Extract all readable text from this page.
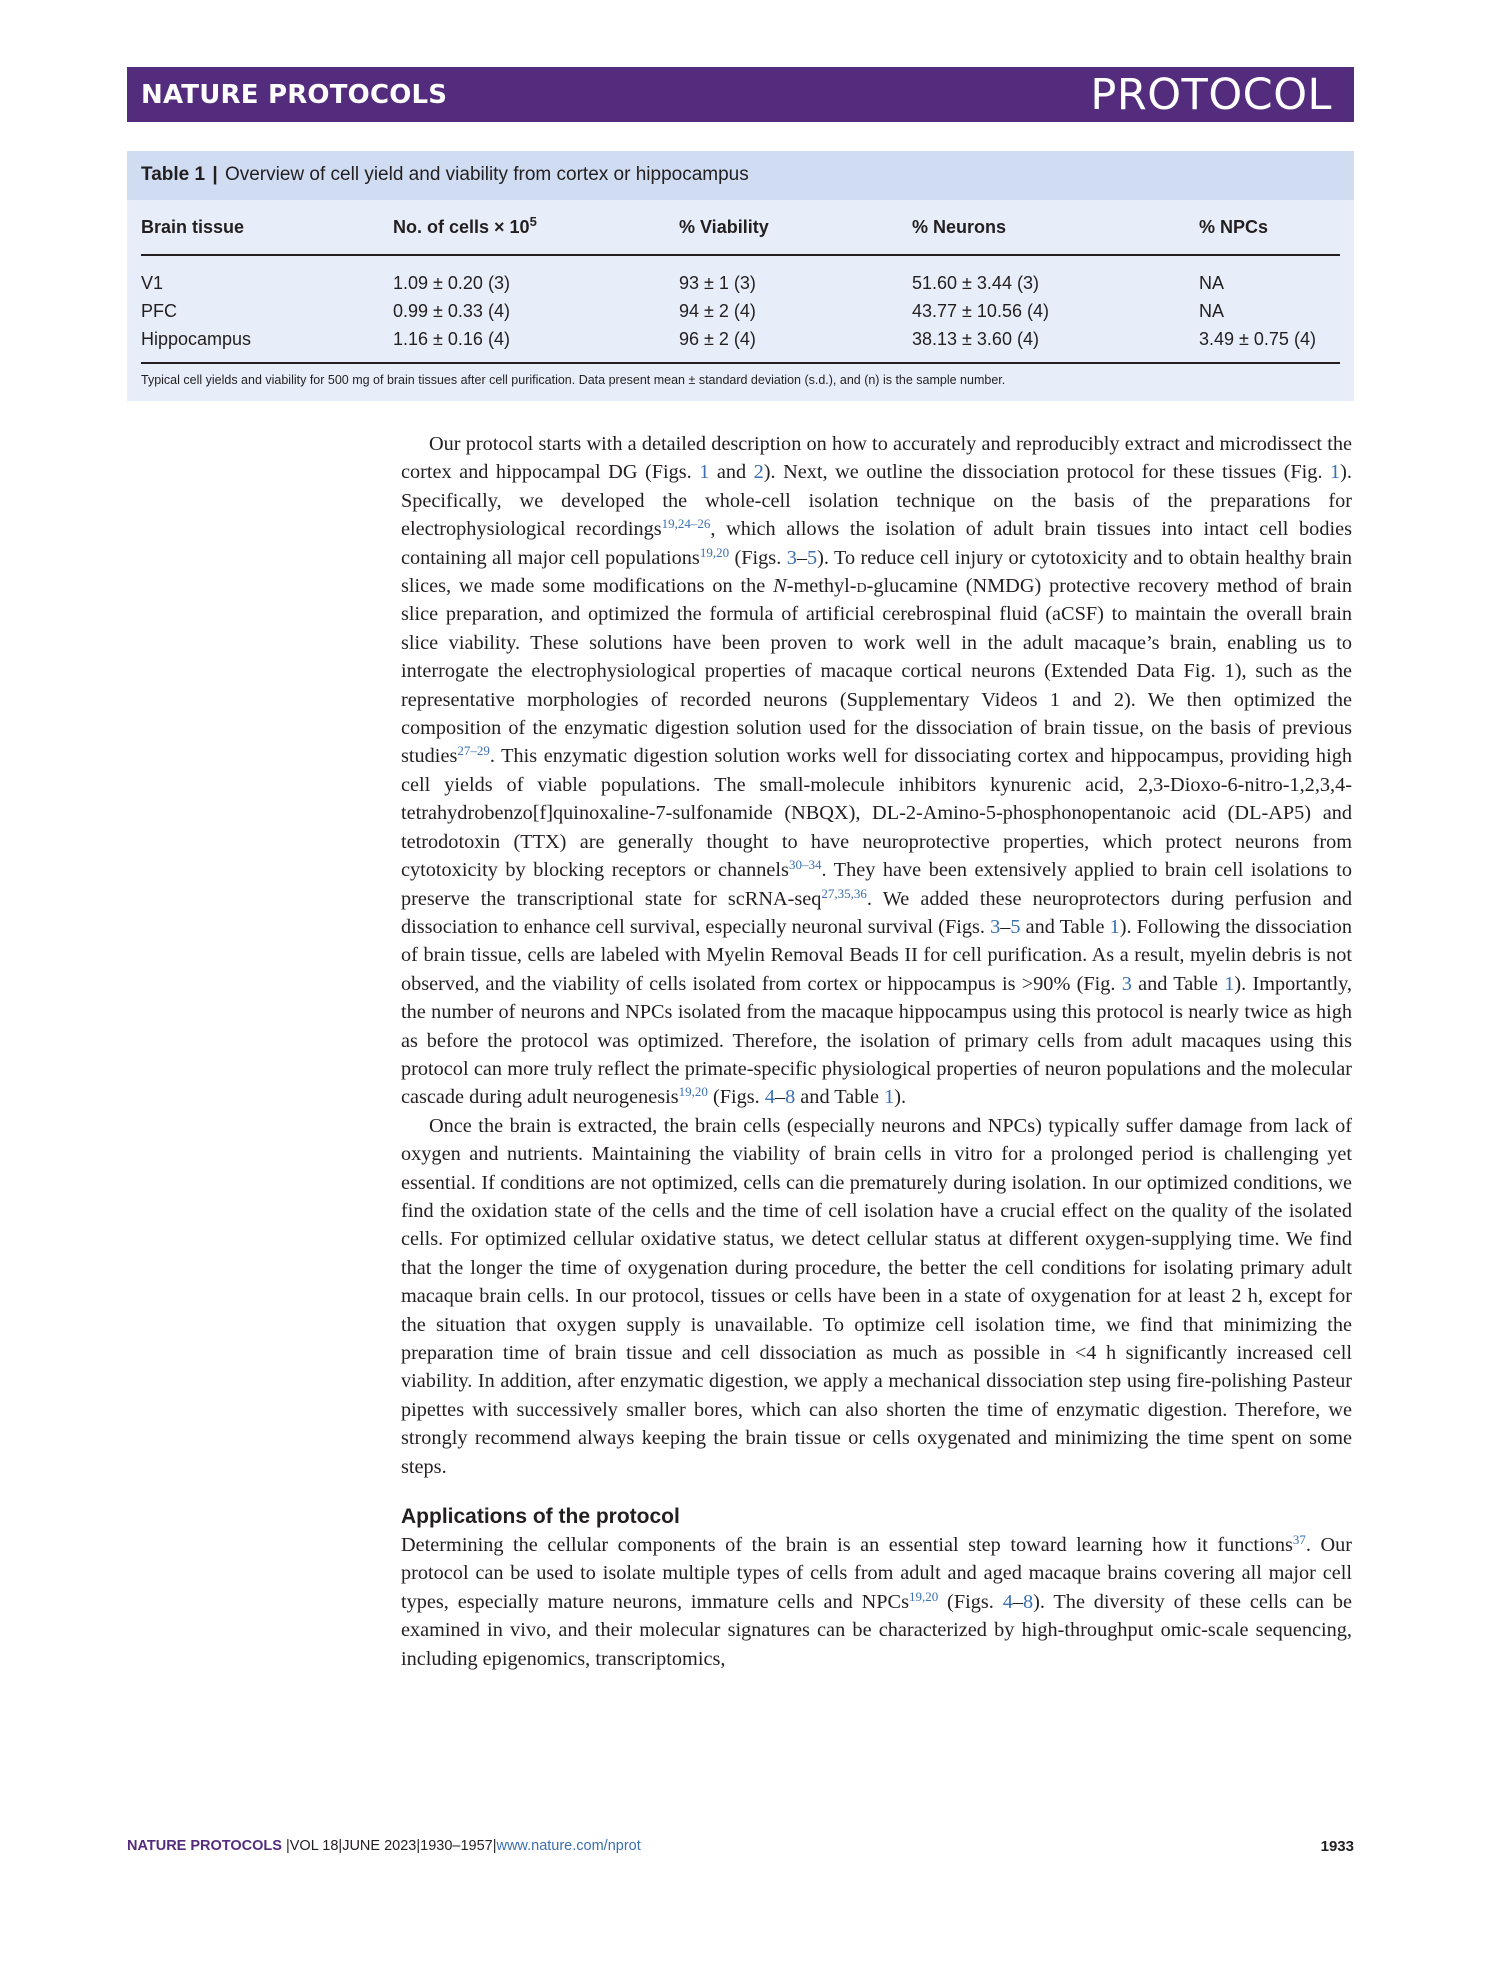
NATURE PROTOCOLS	PROTOCOL
Table 1 | Overview of cell yield and viability from cortex or hippocampus
Brain tissue	No. of cells × $10^5$	% Viability	% Neurons	% NPCs
V1	1.09 ± 0.20 (3)	93 ± 1 (3)	51.60 ± 3.44 (3)	NA
PFC	0.99 ± 0.33 (4)	94 ± 2 (4)	43.77 ± 10.56 (4)	NA
Hippocampus	1.16 ± 0.16 (4)	96 ± 2 (4)	38.13 ± 3.60 (4)	3.49 ± 0.75 (4)
Typical cell yields and viability for 500 mg of brain tissues after cell purification. Data present mean ± standard deviation (s.d.), and (n) is the sample number.

Our protocol starts with a detailed description on how to accurately and reproducibly extract and microdissect the cortex and hippocampal DG (Figs. 1 and 2). Next, we outline the dissociation protocol for these tissues (Fig. 1). Specifically, we developed the whole-cell isolation technique on the basis of the preparations for electrophysiological recordings$^{19,24-26}$, which allows the isolation of adult brain tissues into intact cell bodies containing all major cell populations$^{19,20}$ (Figs. 3–5). To reduce cell injury or cytotoxicity and to obtain healthy brain slices, we made some modifications on the N-methyl-d-glucamine (NMDG) protective recovery method of brain slice preparation, and optimized the formula of artificial cerebrospinal fluid (aCSF) to maintain the overall brain slice viability. These solutions have been proven to work well in the adult macaque’s brain, enabling us to interrogate the electrophysiological properties of macaque cortical neurons (Extended Data Fig. 1), such as the representative morphologies of recorded neurons (Supplementary Videos 1 and 2). We then optimized the composition of the enzymatic digestion solution used for the dissociation of brain tissue, on the basis of previous studies$^{27-29}$. This enzymatic digestion solution works well for dissociating cortex and hippocampus, providing high cell yields of viable populations. The small-molecule inhibitors kynurenic acid, 2,3-Dioxo-6-nitro-1,2,3,4-tetrahydrobenzo[f]quinoxaline-7-sulfonamide (NBQX), DL-2-Amino-5-phosphonopentanoic acid (DL-AP5) and tetrodotoxin (TTX) are generally thought to have neuroprotective properties, which protect neurons from cytotoxicity by blocking receptors or channels$^{30-34}$. They have been extensively applied to brain cell isolations to preserve the transcriptional state for scRNA-seq$^{27,35,36}$. We added these neuroprotectors during perfusion and dissociation to enhance cell survival, especially neuronal survival (Figs. 3–5 and Table 1). Following the dissociation of brain tissue, cells are labeled with Myelin Removal Beads II for cell purification. As a result, myelin debris is not observed, and the viability of cells isolated from cortex or hippocampus is >90% (Fig. 3 and Table 1). Importantly, the number of neurons and NPCs isolated from the macaque hippocampus using this protocol is nearly twice as high as before the protocol was optimized. Therefore, the isolation of primary cells from adult macaques using this protocol can more truly reflect the primate-specific physiological properties of neuron populations and the molecular cascade during adult neurogenesis$^{19,20}$ (Figs. 4–8 and Table 1).

Once the brain is extracted, the brain cells (especially neurons and NPCs) typically suffer damage from lack of oxygen and nutrients. Maintaining the viability of brain cells in vitro for a prolonged period is challenging yet essential. If conditions are not optimized, cells can die prematurely during isolation. In our optimized conditions, we find the oxidation state of the cells and the time of cell isolation have a crucial effect on the quality of the isolated cells. For optimized cellular oxidative status, we detect cellular status at different oxygen-supplying time. We find that the longer the time of oxygenation during procedure, the better the cell conditions for isolating primary adult macaque brain cells. In our protocol, tissues or cells have been in a state of oxygenation for at least 2 h, except for the situation that oxygen supply is unavailable. To optimize cell isolation time, we find that minimizing the preparation time of brain tissue and cell dissociation as much as possible in <4 h significantly increased cell viability. In addition, after enzymatic digestion, we apply a mechanical dissociation step using fire-polishing Pasteur pipettes with successively smaller bores, which can also shorten the time of enzymatic digestion. Therefore, we strongly recommend always keeping the brain tissue or cells oxygenated and minimizing the time spent on some steps.

Applications of the protocol

Determining the cellular components of the brain is an essential step toward learning how it functions$^{37}$. Our protocol can be used to isolate multiple types of cells from adult and aged macaque brains covering all major cell types, especially mature neurons, immature cells and NPCs$^{19,20}$ (Figs. 4–8). The diversity of these cells can be examined in vivo, and their molecular signatures can be characterized by high-throughput omic-scale sequencing, including epigenomics, transcriptomics,

NATURE PROTOCOLS |VOL 18|JUNE 2023|1930–1957|www.nature.com/nprot	1933
